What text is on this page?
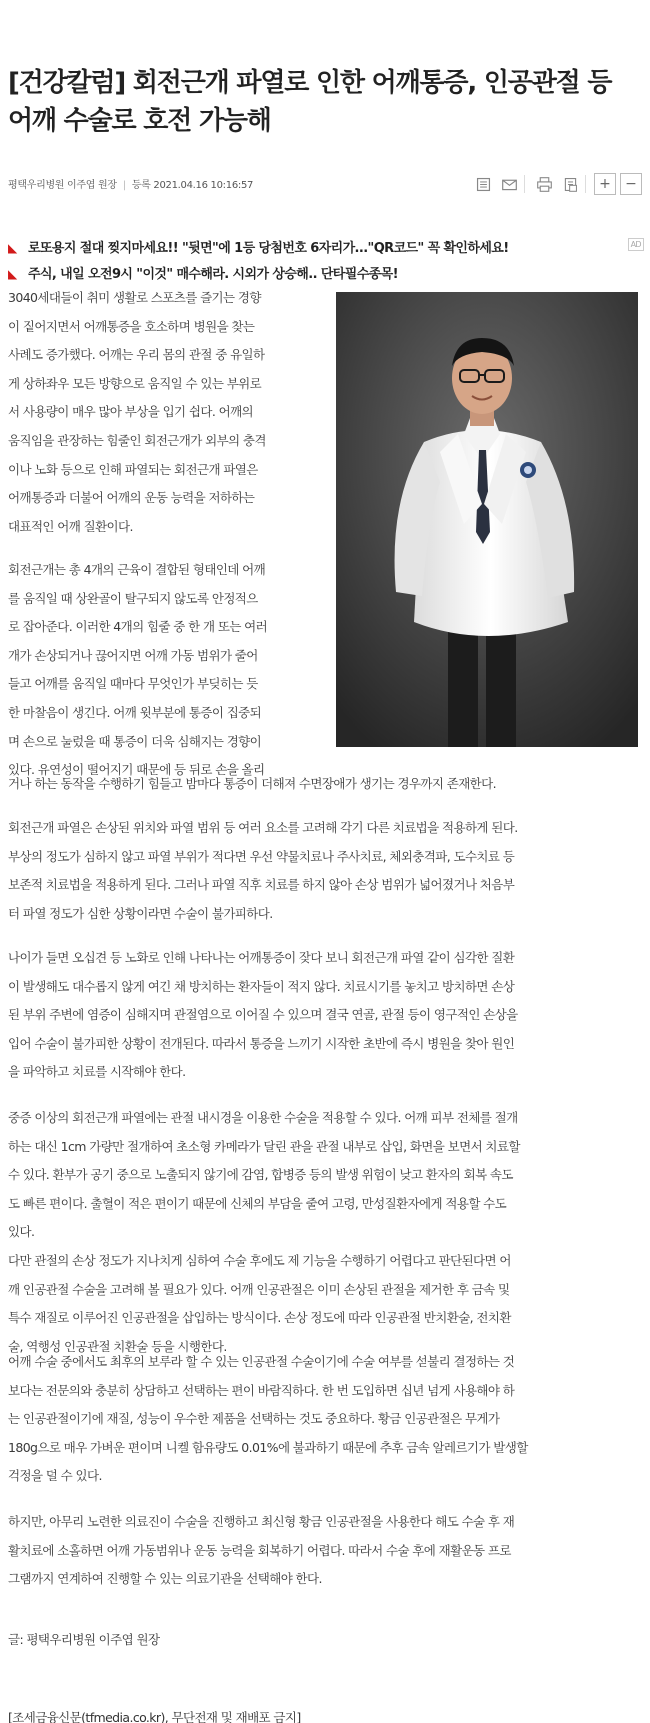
[건강칼럼] 회전근개 파열로 인한 어깨통증, 인공관절 등 어깨 수술로 호전 가능해
평택우리병원 이주엽 원장 | 등록 2021.04.16 10:16:57	+	−
◣ 로또용지 절대 찢지마세요!! "뒷면"에 1등 당첨번호 6자리가..."QR코드" 꼭 확인하세요!	AD
◣ 주식, 내일 오전9시 "이것" 매수해라. 시외가 상승해.. 단타필수종목!
3040세대들이 취미 생활로 스포츠를 즐기는 경향
이 짙어지면서 어깨통증을 호소하며 병원을 찾는
사례도 증가했다. 어깨는 우리 몸의 관절 중 유일하
게 상하좌우 모든 방향으로 움직일 수 있는 부위로
서 사용량이 매우 많아 부상을 입기 쉽다. 어깨의
움직임을 관장하는 힘줄인 회전근개가 외부의 충격
이나 노화 등으로 인해 파열되는 회전근개 파열은
어깨통증과 더불어 어깨의 운동 능력을 저하하는
대표적인 어깨 질환이다.
회전근개는 총 4개의 근육이 결합된 형태인데 어깨
를 움직일 때 상완골이 탈구되지 않도록 안정적으
로 잡아준다. 이러한 4개의 힘줄 중 한 개 또는 여러
개가 손상되거나 끊어지면 어깨 가동 범위가 줄어
들고 어깨를 움직일 때마다 무엇인가 부딪히는 듯
한 마찰음이 생긴다. 어깨 윗부분에 통증이 집중되
며 손으로 눌렀을 때 통증이 더욱 심해지는 경향이
있다. 유연성이 떨어지기 때문에 등 뒤로 손을 올리
거나 하는 동작을 수행하기 힘들고 밤마다 통증이 더해져 수면장애가 생기는 경우까지 존재한다.
회전근개 파열은 손상된 위치와 파열 범위 등 여러 요소를 고려해 각기 다른 치료법을 적용하게 된다.
부상의 정도가 심하지 않고 파열 부위가 적다면 우선 약물치료나 주사치료, 체외충격파, 도수치료 등
보존적 치료법을 적용하게 된다. 그러나 파열 직후 치료를 하지 않아 손상 범위가 넓어졌거나 처음부
터 파열 정도가 심한 상황이라면 수술이 불가피하다.
나이가 들면 오십견 등 노화로 인해 나타나는 어깨통증이 잦다 보니 회전근개 파열 같이 심각한 질환
이 발생해도 대수롭지 않게 여긴 채 방치하는 환자들이 적지 않다. 치료시기를 놓치고 방치하면 손상
된 부위 주변에 염증이 심해지며 관절염으로 이어질 수 있으며 결국 연골, 관절 등이 영구적인 손상을
입어 수술이 불가피한 상황이 전개된다. 따라서 통증을 느끼기 시작한 초반에 즉시 병원을 찾아 원인
을 파악하고 치료를 시작해야 한다.
중증 이상의 회전근개 파열에는 관절 내시경을 이용한 수술을 적용할 수 있다. 어깨 피부 전체를 절개
하는 대신 1cm 가량만 절개하여 초소형 카메라가 달린 관을 관절 내부로 삽입, 화면을 보면서 치료할
수 있다. 환부가 공기 중으로 노출되지 않기에 감염, 합병증 등의 발생 위험이 낮고 환자의 회복 속도
도 빠른 편이다. 출혈이 적은 편이기 때문에 신체의 부담을 줄여 고령, 만성질환자에게 적용할 수도
있다.
다만 관절의 손상 정도가 지나치게 심하여 수술 후에도 제 기능을 수행하기 어렵다고 판단된다면 어
깨 인공관절 수술을 고려해 볼 필요가 있다. 어깨 인공관절은 이미 손상된 관절을 제거한 후 금속 및
특수 재질로 이루어진 인공관절을 삽입하는 방식이다. 손상 정도에 따라 인공관절 반치환술, 전치환
술, 역행성 인공관절 치환술 등을 시행한다.
어깨 수술 중에서도 최후의 보루라 할 수 있는 인공관절 수술이기에 수술 여부를 섣불리 결정하는 것
보다는 전문의와 충분히 상담하고 선택하는 편이 바람직하다. 한 번 도입하면 십년 넘게 사용해야 하
는 인공관절이기에 재질, 성능이 우수한 제품을 선택하는 것도 중요하다. 황금 인공관절은 무게가
180g으로 매우 가벼운 편이며 니켈 함유량도 0.01%에 불과하기 때문에 추후 금속 알레르기가 발생할
걱정을 덜 수 있다.
하지만, 아무리 노련한 의료진이 수술을 진행하고 최신형 황금 인공관절을 사용한다 해도 수술 후 재
활치료에 소홀하면 어깨 가동범위나 운동 능력을 회복하기 어렵다. 따라서 수술 후에 재활운동 프로
그램까지 연계하여 진행할 수 있는 의료기관을 선택해야 한다.
글: 평택우리병원 이주엽 원장
[조세금융신문(tfmedia.co.kr), 무단전재 및 재배포 금지]
